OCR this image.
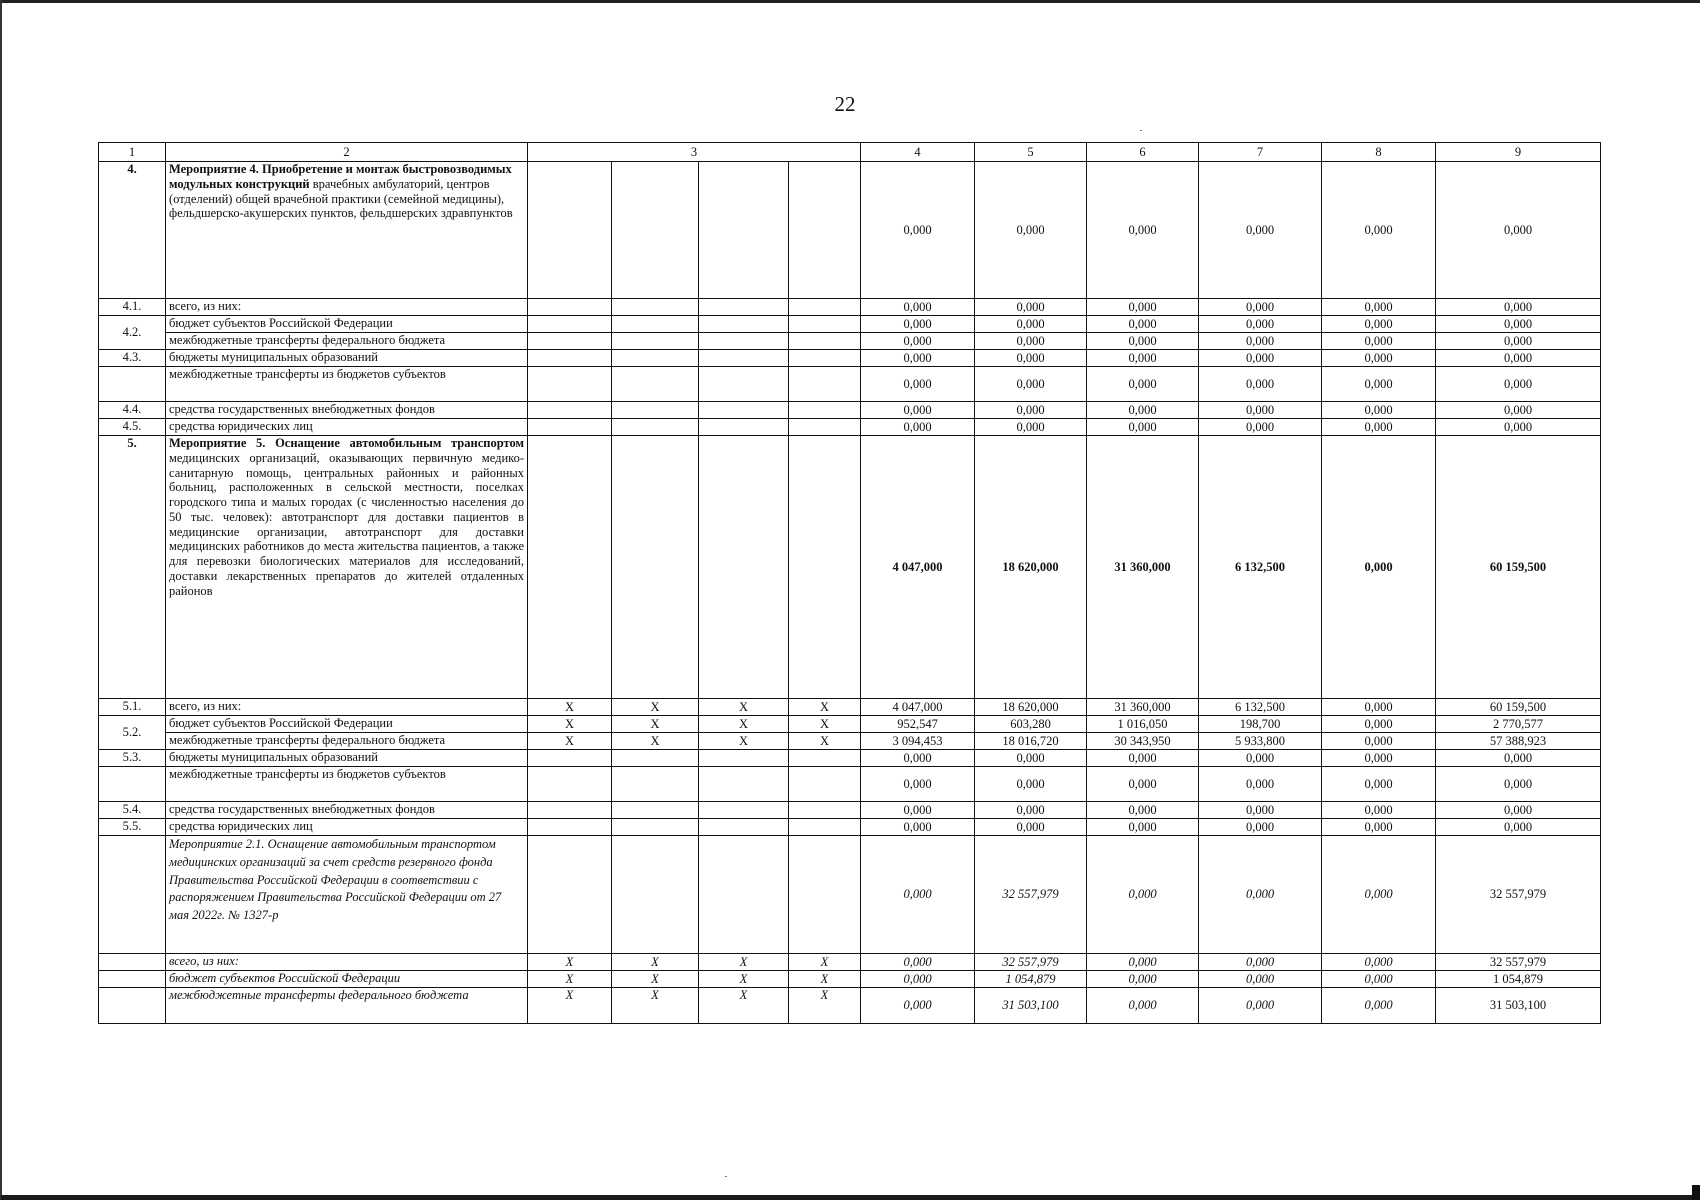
22
1	2	3				4	5	6	7	8	9
4.	Мероприятие 4. Приобретение и монтаж быстровозводимых модульных конструкций врачебных амбулаторий, центров (отделений) общей врачебной практики (семейной медицины), фельдшерско-акушерских пунктов, фельдшерских здравпунктов					0,000	0,000	0,000	0,000	0,000	0,000
4.1.	всего, из них:					0,000	0,000	0,000	0,000	0,000	0,000
4.2.	бюджет субъектов Российской Федерации					0,000	0,000	0,000	0,000	0,000	0,000
	межбюджетные трансферты федерального бюджета					0,000	0,000	0,000	0,000	0,000	0,000
4.3.	бюджеты муниципальных образований					0,000	0,000	0,000	0,000	0,000	0,000
	межбюджетные трансферты из бюджетов субъектов					0,000	0,000	0,000	0,000	0,000	0,000
4.4.	средства государственных внебюджетных фондов					0,000	0,000	0,000	0,000	0,000	0,000
4.5.	средства юридических лиц					0,000	0,000	0,000	0,000	0,000	0,000
5.	Мероприятие 5. Оснащение автомобильным транспортом медицинских организаций, оказывающих первичную медико-санитарную помощь, центральных районных и районных больниц, расположенных в сельской местности, поселках городского типа и малых городах (с численностью населения до 50 тыс. человек): автотранспорт для доставки пациентов в медицинские организации, автотранспорт для доставки медицинских работников до места жительства пациентов, а также для перевозки биологических материалов для исследований, доставки лекарственных препаратов до жителей отдаленных районов					4 047,000	18 620,000	31 360,000	6 132,500	0,000	60 159,500
5.1.	всего, из них:	X	X	X	X	4 047,000	18 620,000	31 360,000	6 132,500	0,000	60 159,500
5.2.	бюджет субъектов Российской Федерации	X	X	X	X	952,547	603,280	1 016,050	198,700	0,000	2 770,577
	межбюджетные трансферты федерального бюджета	X	X	X	X	3 094,453	18 016,720	30 343,950	5 933,800	0,000	57 388,923
5.3.	бюджеты муниципальных образований					0,000	0,000	0,000	0,000	0,000	0,000
	межбюджетные трансферты из бюджетов субъектов					0,000	0,000	0,000	0,000	0,000	0,000
5.4.	средства государственных внебюджетных фондов					0,000	0,000	0,000	0,000	0,000	0,000
5.5.	средства юридических лиц					0,000	0,000	0,000	0,000	0,000	0,000
	Мероприятие 2.1. Оснащение автомобильным транспортом медицинских организаций за счет средств резервного фонда Правительства Российской Федерации в соответствии с распоряжением Правительства Российской Федерации от 27 мая 2022г. № 1327-р					0,000	32 557,979	0,000	0,000	0,000	32 557,979
	всего, из них:	X	X	X	X	0,000	32 557,979	0,000	0,000	0,000	32 557,979
	бюджет субъектов Российской Федерации	X	X	X	X	0,000	1 054,879	0,000	0,000	0,000	1 054,879
	межбюджетные трансферты федерального бюджета	X	X	X	X	0,000	31 503,100	0,000	0,000	0,000	31 503,100
